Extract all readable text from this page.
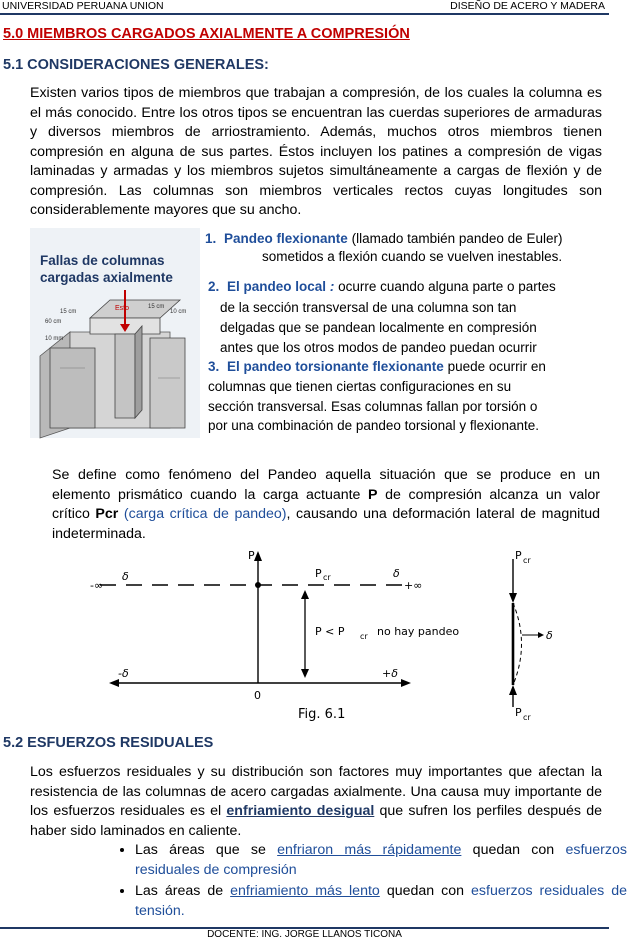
UNIVERSIDAD PERUANA UNION	DISEÑO DE ACERO Y MADERA
5.0 MIEMBROS CARGADOS AXIALMENTE A COMPRESIÓN
5.1 CONSIDERACIONES GENERALES:
Existen varios tipos de miembros que trabajan a compresión, de los cuales la columna es el más conocido. Entre los otros tipos se encuentran las cuerdas superiores de armaduras y diversos miembros de arriostramiento. Además, muchos otros miembros tienen compresión en alguna de sus partes. Éstos incluyen los patines a compresión de vigas laminadas y armadas y los miembros sujetos simultáneamente a cargas de flexión y de compresión. Las columnas son miembros verticales rectos cuyas longitudes son considerablemente mayores que su ancho.
Fallas de columnas
cargadas axialmente
Esfo	15 cm
10 cm
60 cm
15 cm
10 mm
1. Pandeo flexionante (llamado también pandeo de Euler)
sometidos a flexión cuando se vuelven inestables.
2. El pandeo local : ocurre cuando alguna parte o partes
de la sección transversal de una columna son tan
delgadas que se pandean localmente en compresión
antes que los otros modos de pandeo puedan ocurrir
3. El pandeo torsionante flexionante puede ocurrir en
columnas que tienen ciertas configuraciones en su
sección transversal. Esas columnas fallan por torsión o
por una combinación de pandeo torsional y flexionante.
Se define como fenómeno del Pandeo aquella situación que se produce en un elemento prismático cuando la carga actuante P de compresión alcanza un valor crítico Pcr (carga crítica de pandeo), causando una deformación lateral de magnitud indeterminada.
P
-∞
δ	P cr	δ
+∞
P < P cr no hay pandeo
-δ	+δ
0
Fig. 6.1
P cr
δ
P cr
5.2 ESFUERZOS RESIDUALES
Los esfuerzos residuales y su distribución son factores muy importantes que afectan la resistencia de las columnas de acero cargadas axialmente. Una causa muy importante de los esfuerzos residuales es el enfriamiento desigual que sufren los perfiles después de haber sido laminados en caliente.
• Las áreas que se enfriaron más rápidamente quedan con esfuerzos residuales de compresión
• Las áreas de enfriamiento más lento quedan con esfuerzos residuales de tensión.
DOCENTE: ING. JORGE LLANOS TICONA
